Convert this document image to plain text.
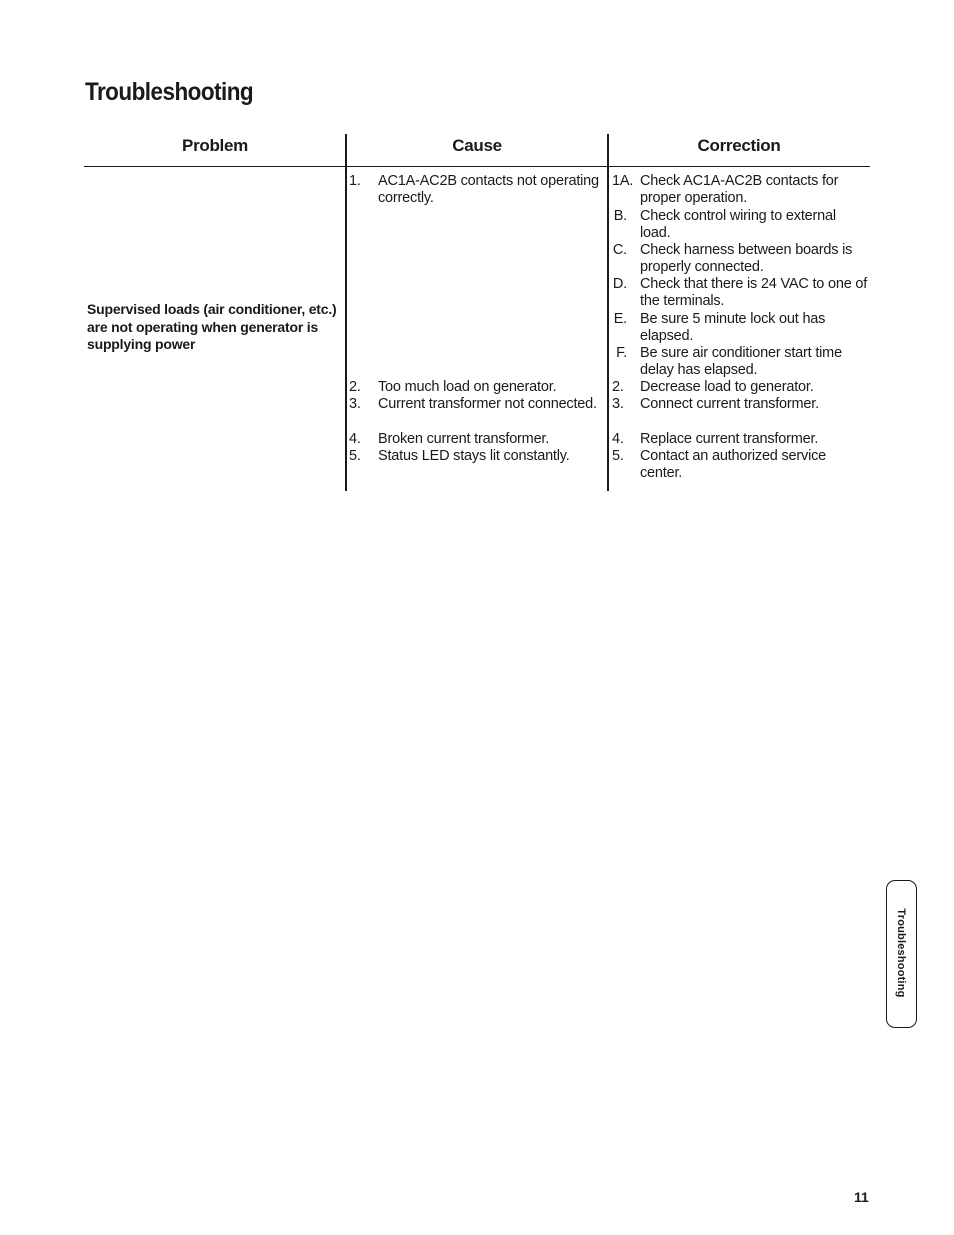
Troubleshooting
Problem	Cause	Correction
Supervised loads (air conditioner, etc.) are not operating when generator is supplying power
1. AC1A-AC2B contacts not operating correctly.
2. Too much load on generator.
3. Current transformer not connected.
4. Broken current transformer.
5. Status LED stays lit constantly.
1A. Check AC1A-AC2B contacts for proper operation.
B. Check control wiring to external load.
C. Check harness between boards is properly connected.
D. Check that there is 24 VAC to one of the terminals.
E. Be sure 5 minute lock out has elapsed.
F. Be sure air conditioner start time delay has elapsed.
2. Decrease load to generator.
3. Connect current transformer.
4. Replace current transformer.
5. Contact an authorized service center.
Troubleshooting
11
